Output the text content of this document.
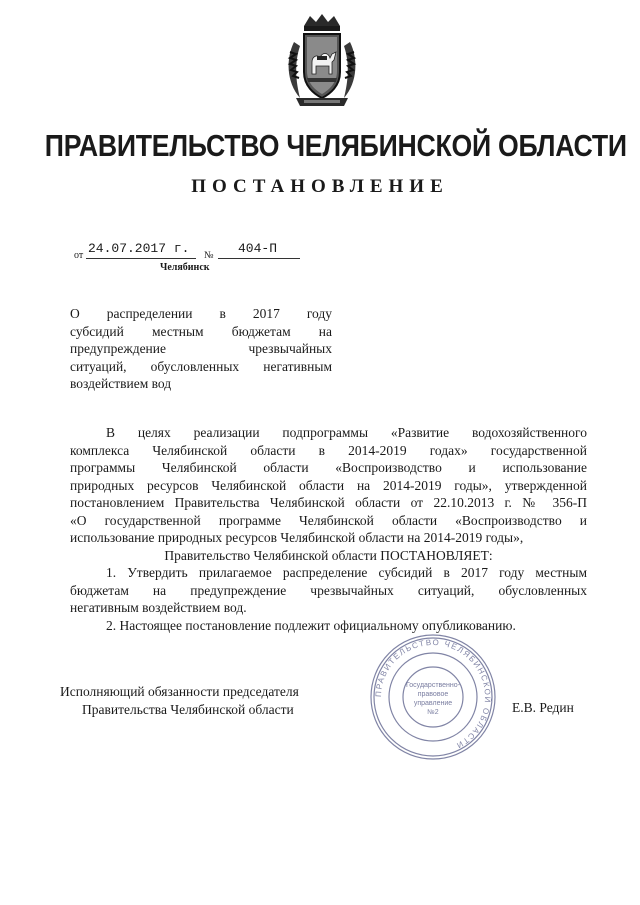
ПРАВИТЕЛЬСТВО ЧЕЛЯБИНСКОЙ ОБЛАСТИ
ПОСТАНОВЛЕНИЕ
от 24.07.2017 г. № 404-П
Челябинск
О распределении в 2017 году
субсидий местным бюджетам на
предупреждение чрезвычайных
ситуаций, обусловленных негативным
воздействием вод
В целях реализации подпрограммы «Развитие водохозяйственного
комплекса Челябинской области в 2014-2019 годах» государственной
программы Челябинской области «Воспроизводство и использование
природных ресурсов Челябинской области на 2014-2019 годы», утвержденной
постановлением Правительства Челябинской области от 22.10.2013 г. № 356-П
«О государственной программе Челябинской области «Воспроизводство и
использование природных ресурсов Челябинской области на 2014-2019 годы»,
Правительство Челябинской области ПОСТАНОВЛЯЕТ:
1. Утвердить прилагаемое распределение субсидий в 2017 году местным
бюджетам на предупреждение чрезвычайных ситуаций, обусловленных
негативным воздействием вод.
2. Настоящее постановление подлежит официальному опубликованию.
Исполняющий обязанности председателя
Правительства Челябинской области	Е.В. Редин
ПРАВИТЕЛЬСТВО ЧЕЛЯБИНСКОЙ ОБЛАСТИ
Государственно-
правовое
управление
№2
